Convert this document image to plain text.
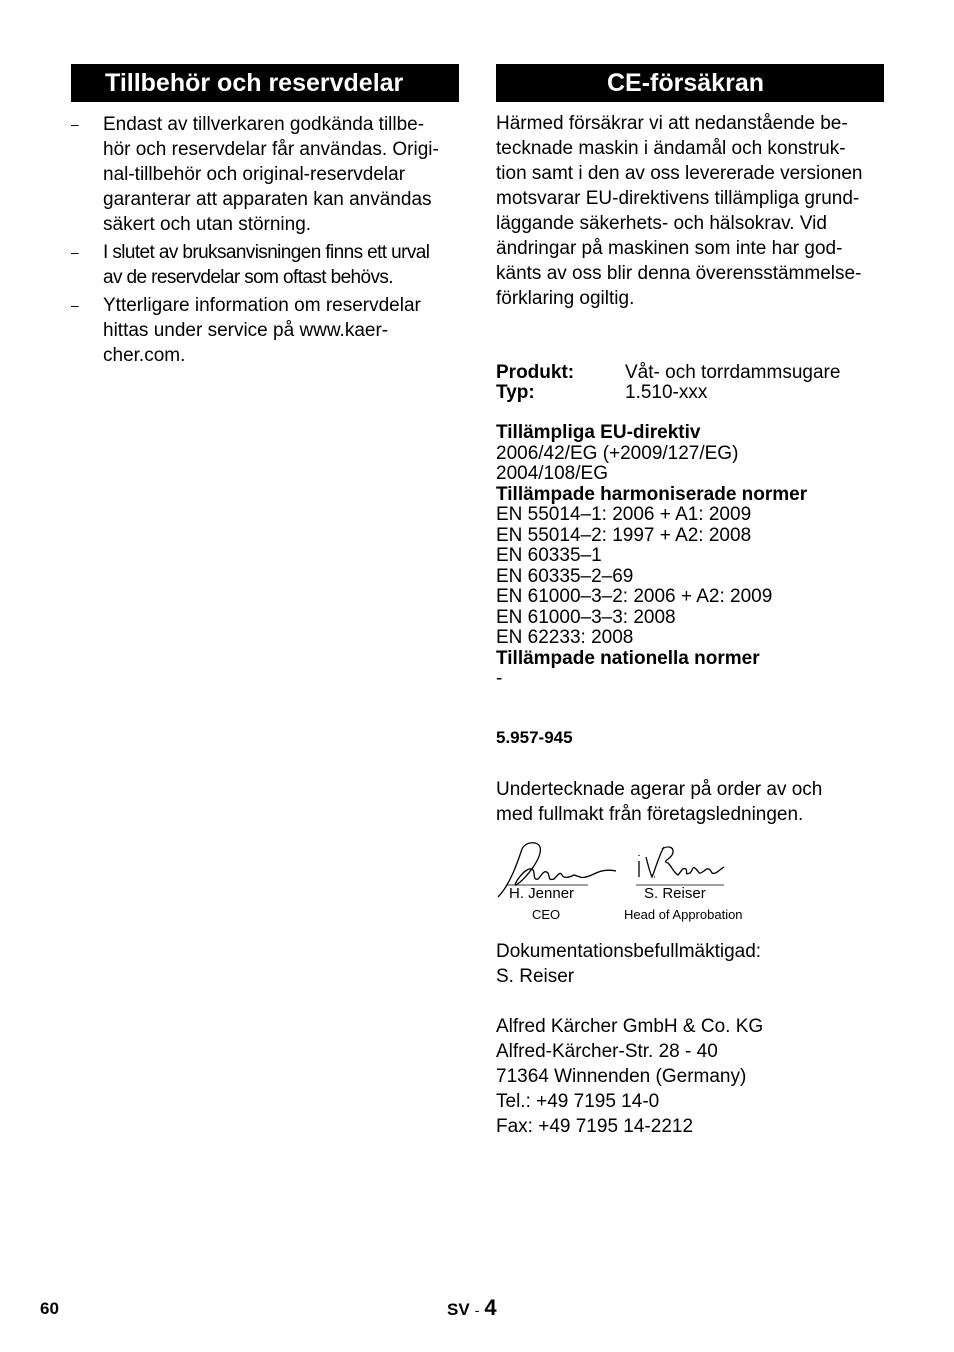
Tillbehör och reservdelar
– Endast av tillverkaren godkända tillbe-
hör och reservdelar får användas. Origi-
nal-tillbehör och original-reservdelar
garanterar att apparaten kan användas
säkert och utan störning.
– I slutet av bruksanvisningen finns ett urval
av de reservdelar som oftast behövs.
– Ytterligare information om reservdelar
hittas under service på www.kaer-
cher.com.
CE-försäkran
Härmed försäkrar vi att nedanstående be-
tecknade maskin i ändamål och konstruk-
tion samt i den av oss levererade versionen
motsvarar EU-direktivens tillämpliga grund-
läggande säkerhets- och hälsokrav. Vid
ändringar på maskinen som inte har god-
känts av oss blir denna överensstämmelse-
förklaring ogiltig.
Produkt:	Våt- och torrdammsugare
Typ:	1.510-xxx
Tillämpliga EU-direktiv
2006/42/EG (+2009/127/EG)
2004/108/EG
Tillämpade harmoniserade normer
EN 55014–1: 2006 + A1: 2009
EN 55014–2: 1997 + A2: 2008
EN 60335–1
EN 60335–2–69
EN 61000–3–2: 2006 + A2: 2009
EN 61000–3–3: 2008
EN 62233: 2008
Tillämpade nationella normer
-
5.957-945
Undertecknade agerar på order av och
med fullmakt från företagsledningen.
H. Jenner
CEO
S. Reiser
Head of Approbation
Dokumentationsbefullmäktigad:
S. Reiser
Alfred Kärcher GmbH & Co. KG
Alfred-Kärcher-Str. 28 - 40
71364 Winnenden (Germany)
Tel.: +49 7195 14-0
Fax: +49 7195 14-2212
60	SV - 4
